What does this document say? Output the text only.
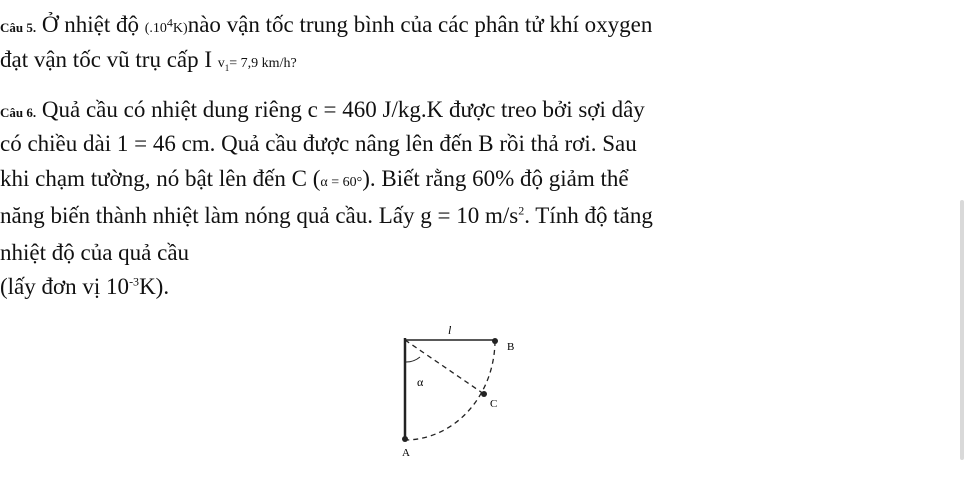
Câu 5. Ở nhiệt độ $(.10^4K)nào$ vận tốc trung bình của các phân tử khí oxygen
đạt vận tốc vũ trụ cấp I $v_1= 7,9$ km/h?
Câu 6. Quả cầu có nhiệt dung riêng c = 460 J/kg.K được treo bởi sợi dây
có chiều dài 1 = 46 cm. Quả cầu được nâng lên đến B rồi thả rơi. Sau
khi chạm tường, nó bật lên đến C (α = 60°). Biết rằng 60% độ giảm thể
năng biến thành nhiệt làm nóng quả cầu. Lấy g = 10 $m/s^2$. Tính độ tăng
nhiệt độ của quả cầu
(lấy đơn vị $10^{-3}K$).
l
B
α
C
A
